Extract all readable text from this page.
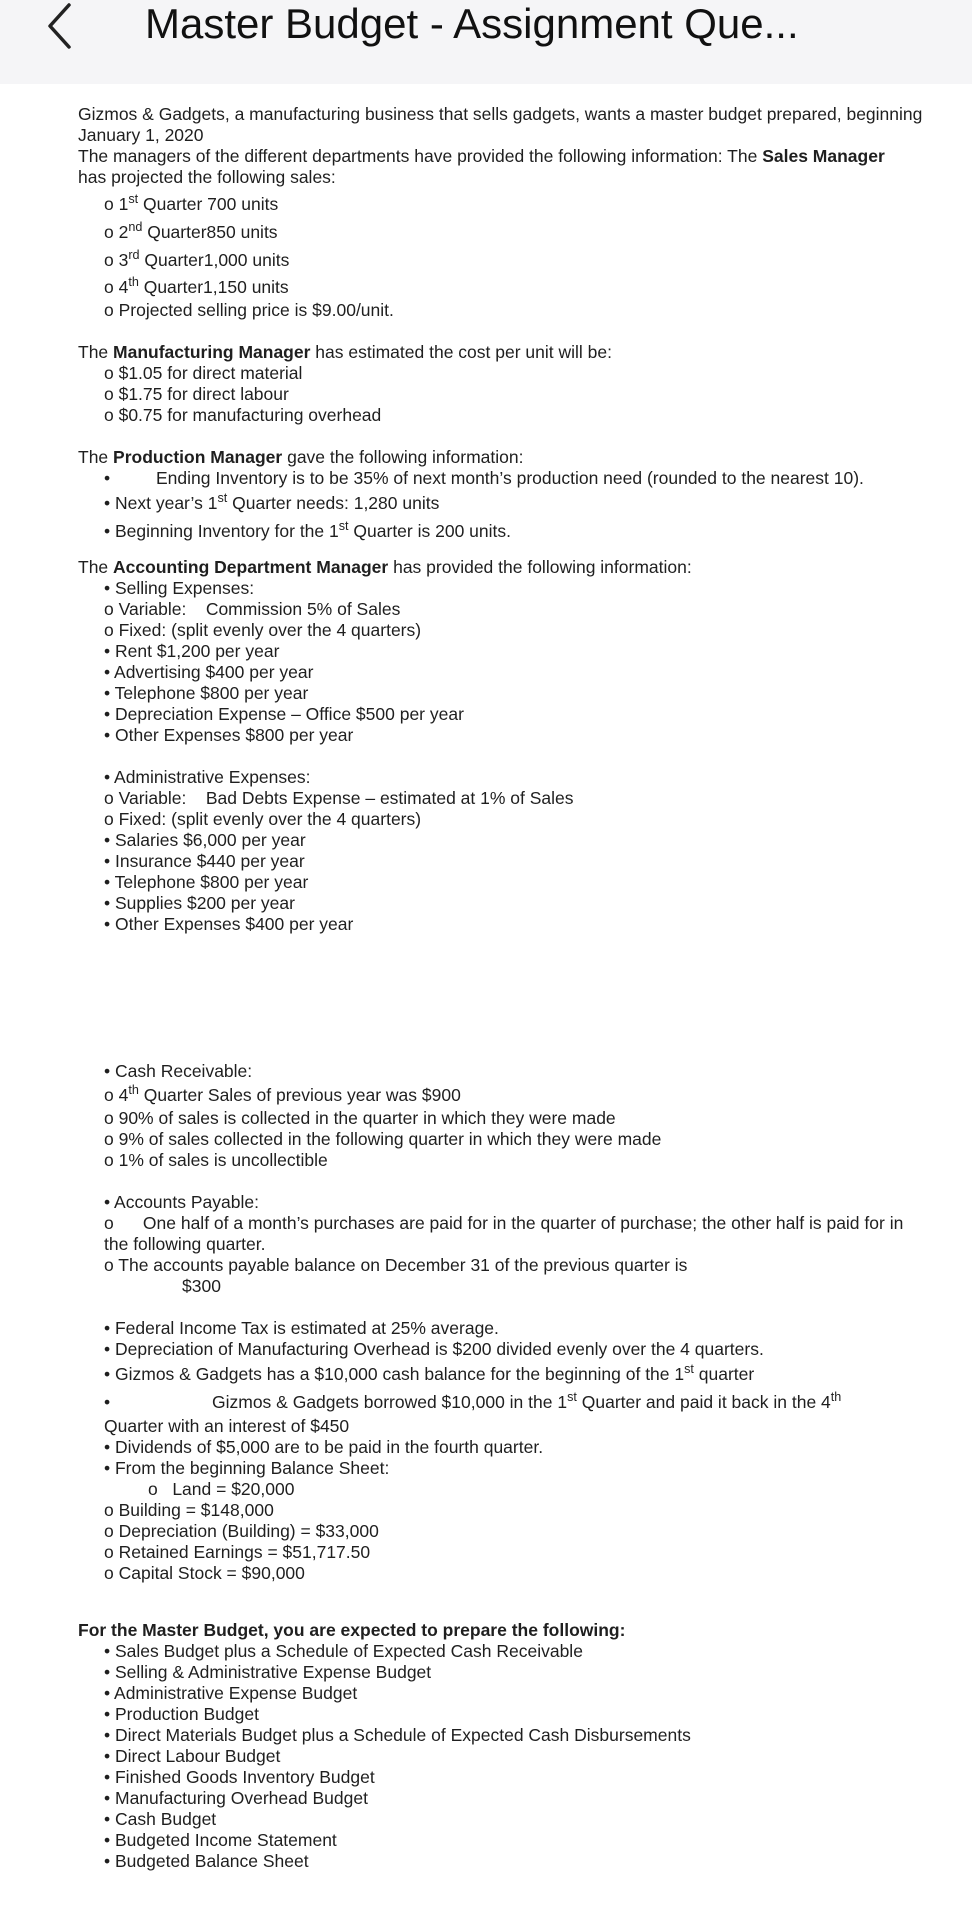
Master Budget - Assignment Que...

Gizmos & Gadgets, a manufacturing business that sells gadgets, wants a master budget prepared, beginning

January 1, 2020

The managers of the different departments have provided the following information: The Sales Manager

has projected the following sales:

o 1st Quarter 700 units

o 2nd Quarter850 units

o 3rd Quarter1,000 units

o 4th Quarter1,150 units

o Projected selling price is $9.00/unit.

The Manufacturing Manager has estimated the cost per unit will be:

o $1.05 for direct material

o $1.75 for direct labour

o $0.75 for manufacturing overhead

The Production Manager gave the following information:

•	Ending Inventory is to be 35% of next month’s production need (rounded to the nearest 10).

• Next year’s 1st Quarter needs: 1,280 units

• Beginning Inventory for the 1st Quarter is 200 units.

The Accounting Department Manager has provided the following information:

• Selling Expenses:

o Variable:    Commission 5% of Sales

o Fixed: (split evenly over the 4 quarters)

• Rent $1,200 per year

• Advertising $400 per year

• Telephone $800 per year

• Depreciation Expense – Office $500 per year

• Other Expenses $800 per year

• Administrative Expenses:

o Variable:    Bad Debts Expense – estimated at 1% of Sales

o Fixed: (split evenly over the 4 quarters)

• Salaries $6,000 per year

• Insurance $440 per year

• Telephone $800 per year

• Supplies $200 per year

• Other Expenses $400 per year

• Cash Receivable:

o 4th Quarter Sales of previous year was $900

o 90% of sales is collected in the quarter in which they were made

o 9% of sales collected in the following quarter in which they were made

o 1% of sales is uncollectible

• Accounts Payable:

o      One half of a month’s purchases are paid for in the quarter of purchase; the other half is paid for in

the following quarter.

o The accounts payable balance on December 31 of the previous quarter is

$300

• Federal Income Tax is estimated at 25% average.

• Depreciation of Manufacturing Overhead is $200 divided evenly over the 4 quarters.

• Gizmos & Gadgets has a $10,000 cash balance for the beginning of the 1st quarter

•	Gizmos & Gadgets borrowed $10,000 in the 1st Quarter and paid it back in the 4th

Quarter with an interest of $450

• Dividends of $5,000 are to be paid in the fourth quarter.

• From the beginning Balance Sheet:

o   Land = $20,000

o Building = $148,000

o Depreciation (Building) = $33,000

o Retained Earnings = $51,717.50

o Capital Stock = $90,000

For the Master Budget, you are expected to prepare the following:

• Sales Budget plus a Schedule of Expected Cash Receivable

• Selling & Administrative Expense Budget

• Administrative Expense Budget

• Production Budget

• Direct Materials Budget plus a Schedule of Expected Cash Disbursements

• Direct Labour Budget

• Finished Goods Inventory Budget

• Manufacturing Overhead Budget

• Cash Budget

• Budgeted Income Statement

• Budgeted Balance Sheet
